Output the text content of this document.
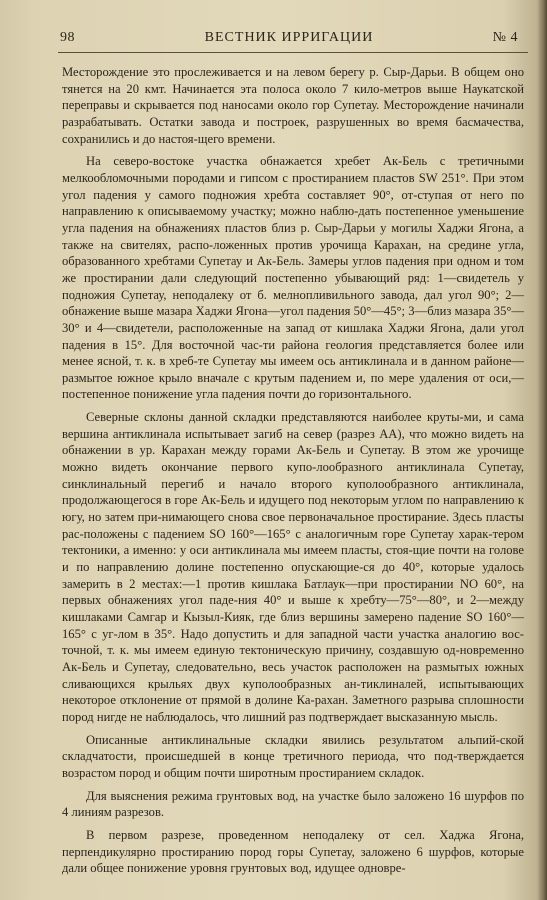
98	ВЕСТНИК ИРРИГАЦИИ	№ 4

Месторождение это прослеживается и на левом берегу р. Сыр-Дарьи. В общем оно тянется на 20 кмт. Начинается эта полоса около 7 кило-метров выше Наукатской переправы и скрывается под наносами около гор Супетау. Месторождение начинали разрабатывать. Остатки завода и построек, разрушенных во время басмачества, сохранились и до настоя-щего времени.

На северо-востоке участка обнажается хребет Ак-Бель с третичными мелкообломочными породами и гипсом с простиранием пластов SW 251°. При этом угол падения у самого подножия хребта составляет 90°, от-ступая от него по направлению к описываемому участку; можно наблю-дать постепенное уменьшение угла падения на обнажениях пластов близ р. Сыр-Дарьи у могилы Хаджи Ягона, а также на свителях, распо-ложенных против урочища Карахан, на средине угла, образованного хребтами Супетау и Ак-Бель. Замеры углов падения при одном и том же простирании дали следующий постепенно убывающий ряд: 1—свидетель у подножия Супетау, неподалеку от б. мелнопливильного завода, дал угол 90°; 2—обнажение выше мазара Хаджи Ягона—угол падения 50°—45°; 3—близ мазара 35°—30° и 4—свидетели, расположенные на запад от кишлака Хаджи Ягона, дали угол падения в 15°. Для восточной час-ти района геология представляется более или менее ясной, т. к. в хреб-те Супетау мы имеем ось антиклинала и в данном районе—размытое южное крыло вначале с крутым падением и, по мере удаления от оси,—постепенное понижение угла падения почти до горизонтального.

Северные склоны данной складки представляются наиболее круты-ми, и сама вершина антиклинала испытывает загиб на север (разрез АА), что можно видеть на обнажении в ур. Карахан между горами Ак-Бель и Супетау. В этом же урочище можно видеть окончание первого купо-лообразного антиклинала Супетау, синклинальный перегиб и начало второго куполообразного антиклинала, продолжающегося в горе Ак-Бель и идущего под некоторым углом по направлению к югу, но затем при-нимающего снова свое первоначальное простирание. Здесь пласты рас-положены с падением SO 160°—165° с аналогичным горе Супетау харак-тером тектоники, а именно: у оси антиклинала мы имеем пласты, стоя-щие почти на голове и по направлению долине постепенно опускающие-ся до 40°, которые удалось замерить в 2 местах:—1 против кишлака Батлаук—при простирании NO 60°, на первых обнажениях угол паде-ния 40° и выше к хребту—75°—80°, и 2—между кишлаками Самгар и Кызыл-Кияк, где близ вершины замерено падение SO 160°—165° с уг-лом в 35°. Надо допустить и для западной части участка аналогию вос-точной, т. к. мы имеем единую тектоническую причину, создавшую од-новременно Ак-Бель и Супетау, следовательно, весь участок расположен на размытых южных сливающихся крыльях двух куполообразных ан-тиклиналей, испытывающих некоторое отклонение от прямой в долине Ка-рахан. Заметного разрыва сплошности пород нигде не наблюдалось, что лишний раз подтверждает высказанную мысль.

Описанные антиклинальные складки явились результатом альпий-ской складчатости, происшедшей в конце третичного периода, что под-тверждается возрастом пород и общим почти широтным простиранием складок.

Для выяснения режима грунтовых вод, на участке было заложено 16 шурфов по 4 линиям разрезов.

В первом разрезе, проведенном неподалеку от сел. Хаджа Ягона, перпендикулярно простиранию пород горы Супетау, заложено 6 шурфов, которые дали общее понижение уровня грунтовых вод, идущее одновре-
